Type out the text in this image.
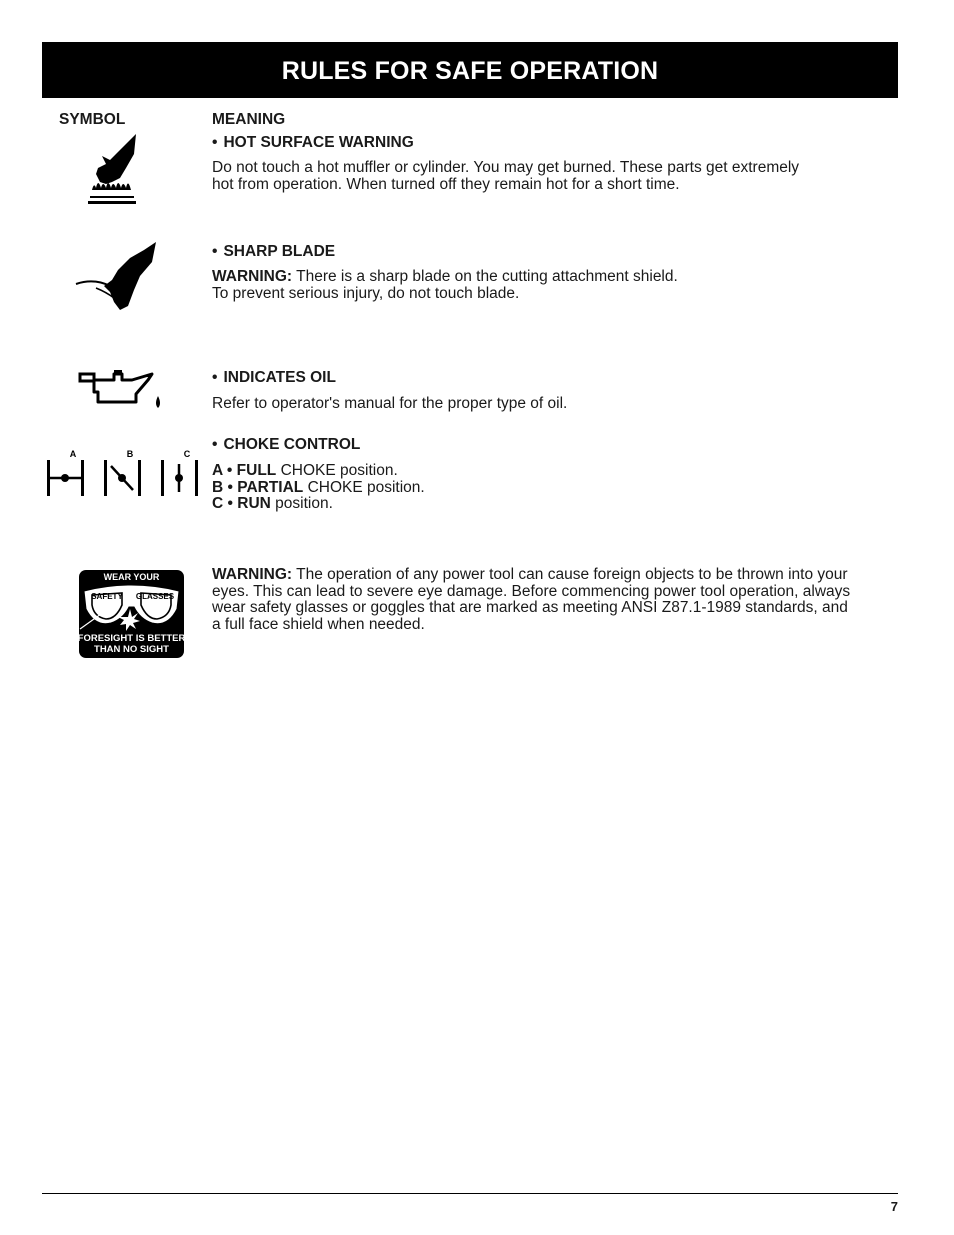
RULES FOR SAFE OPERATION
SYMBOL	MEANING
• HOT SURFACE WARNING

Do not touch a hot muffler or cylinder. You may get burned. These parts get extremely

hot from operation. When turned off they remain hot for a short time.

• SHARP BLADE

WARNING: There is a sharp blade on the cutting attachment shield.

To prevent serious injury, do not touch blade.

• INDICATES OIL

Refer to operator's manual for the proper type of oil.

A	B	C
• CHOKE CONTROL

A • FULL CHOKE position.

B • PARTIAL CHOKE position.

C • RUN position.

WEAR YOUR
SAFETY GLASSES
FORESIGHT IS BETTER
THAN NO SIGHT

WARNING: The operation of any power tool can cause foreign objects to be thrown into your

eyes. This can lead to severe eye damage. Before commencing power tool operation, always

wear safety glasses or goggles that are marked as meeting ANSI Z87.1-1989 standards, and

a full face shield when needed.

7
